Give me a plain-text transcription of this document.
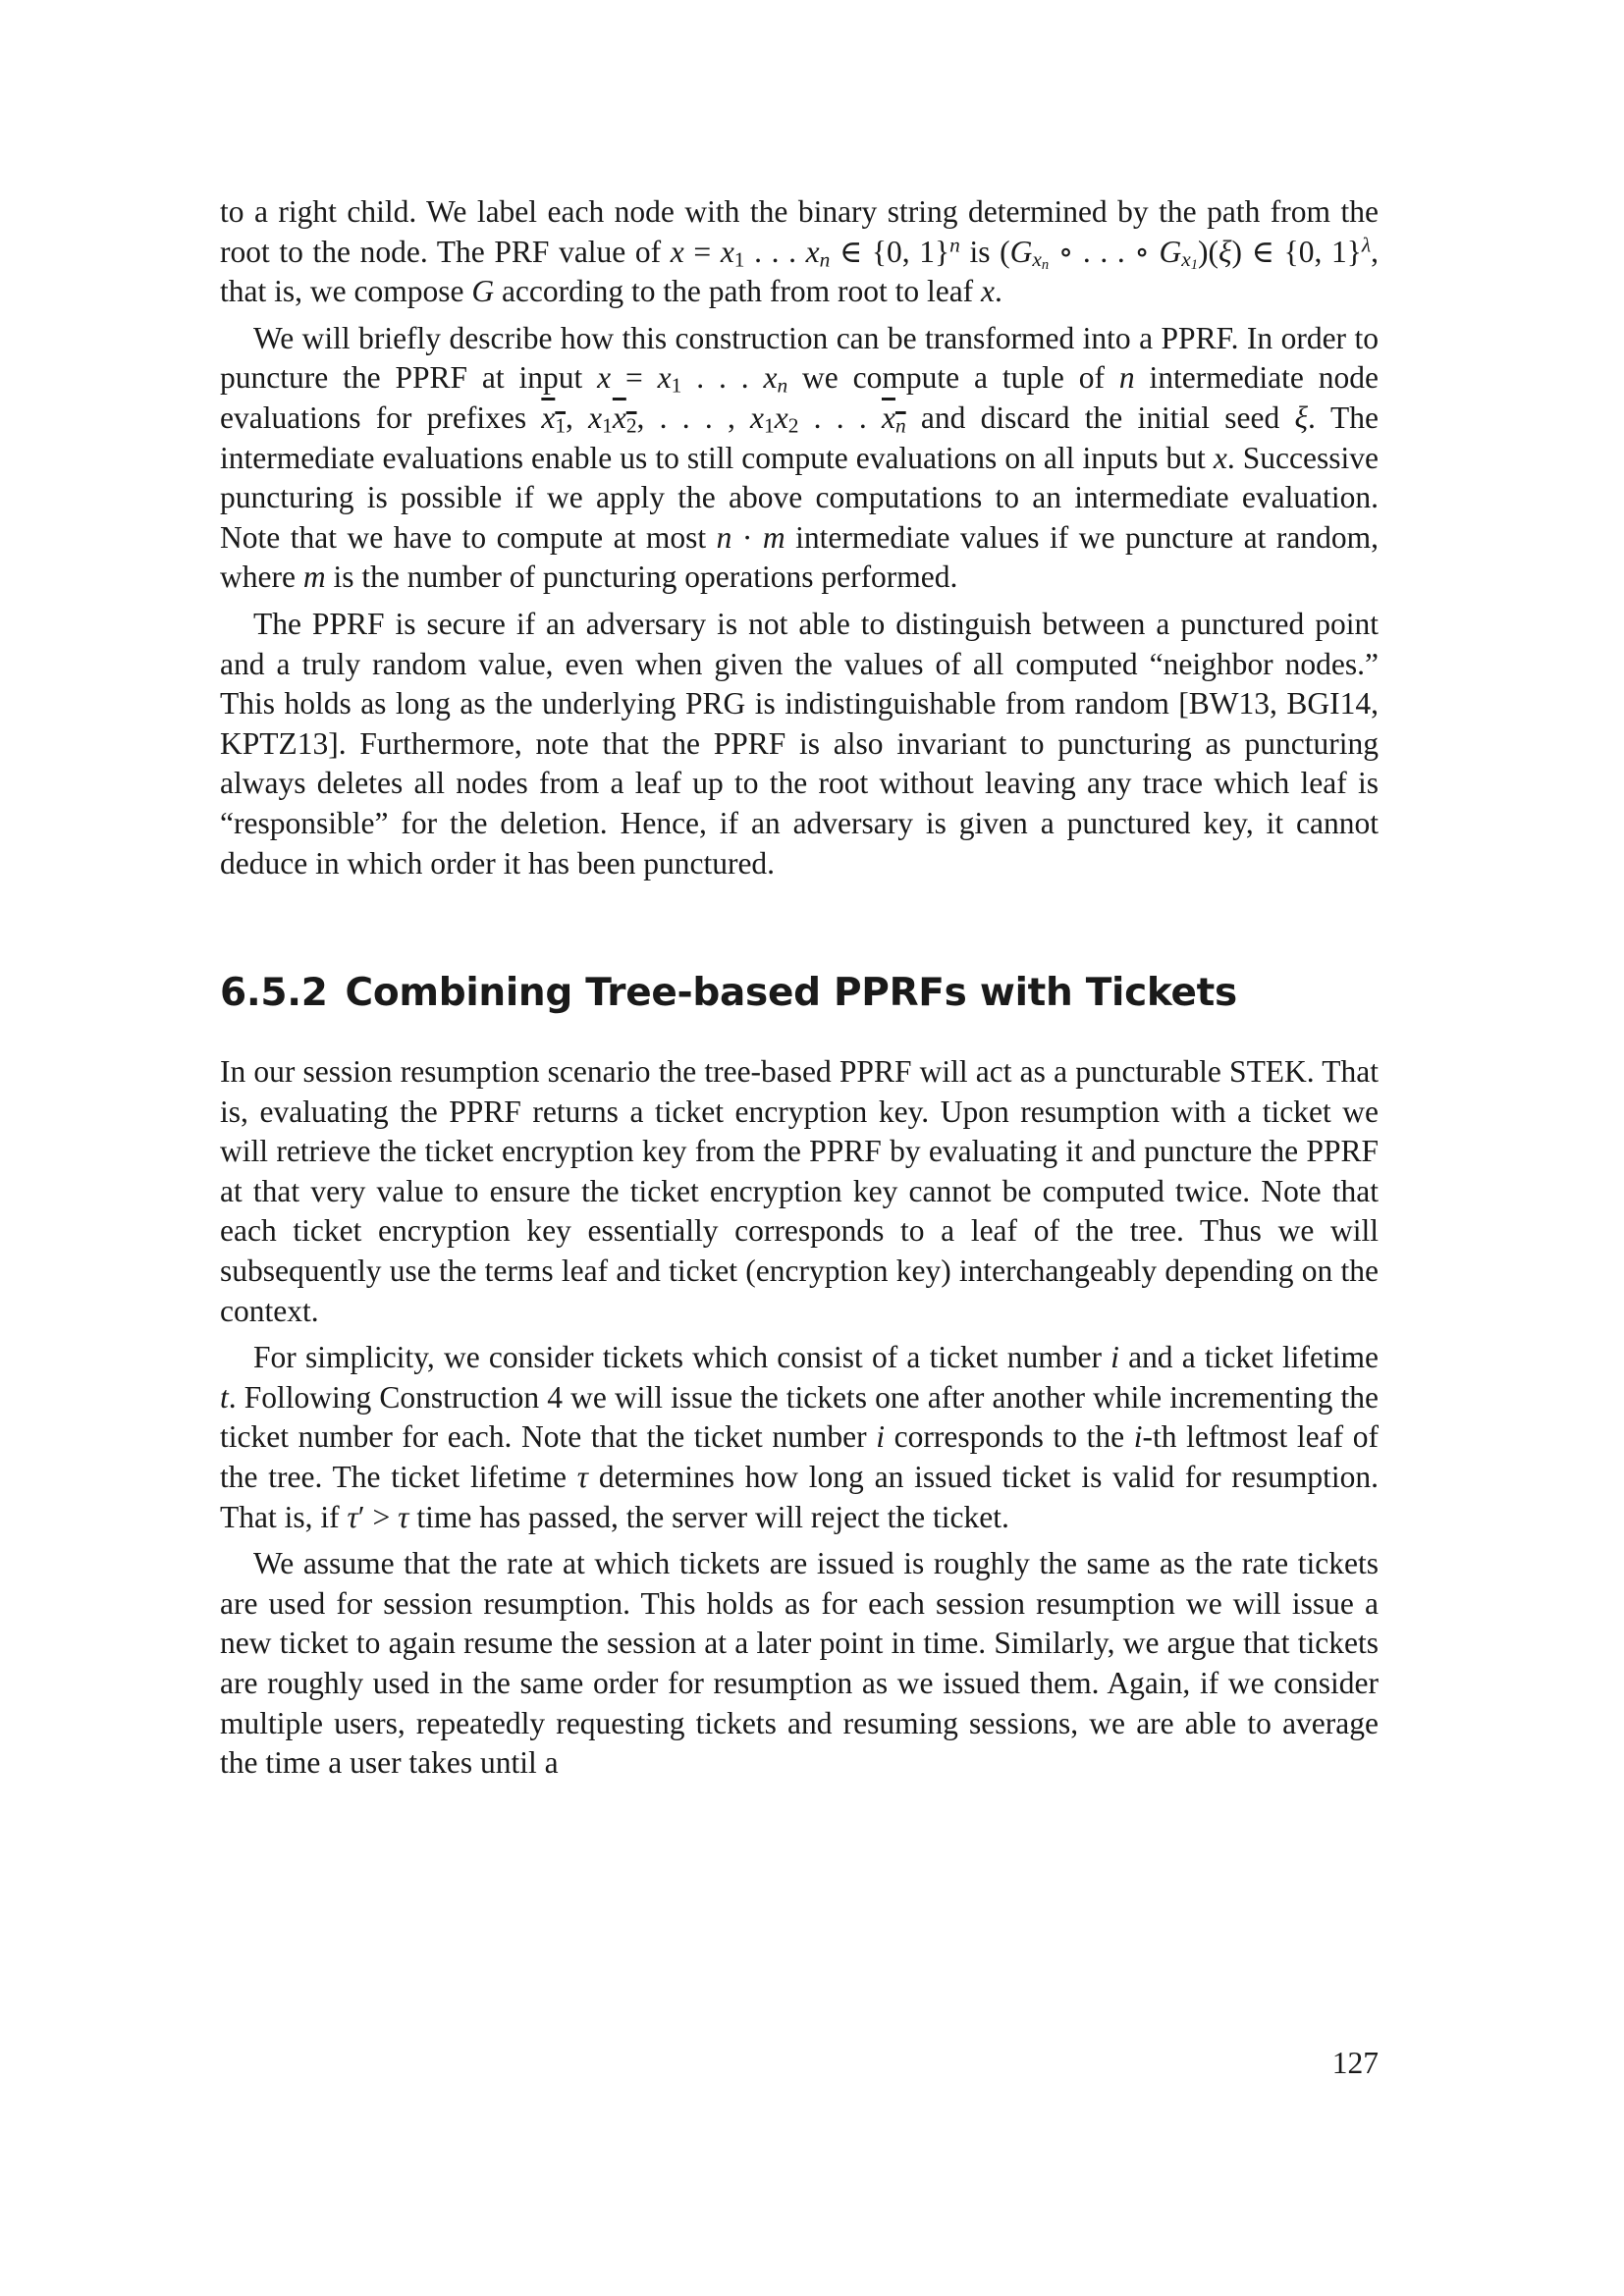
to a right child. We label each node with the binary string determined by the path from the root to the node. The PRF value of $x = x_1$ . . . $x_n$ ∈ {0, 1}$^n$ is ($G_{x_n}$ ∘ . . . ∘ $G_{x_1})(\xi)$ ∈ {0, 1}$^\lambda$, that is, we compose G according to the path from root to leaf x.

We will briefly describe how this construction can be transformed into a PPRF. In order to puncture the PPRF at input $x = x_1$ . . . $x_n$ we compute a tuple of n intermediate node evaluations for prefixes $x_1$, $x_1x_2$, . . . , $x_1x_2$ . . . $x_n$ and discard the initial seed ξ. The intermediate evaluations enable us to still compute evaluations on all inputs but x. Successive puncturing is possible if we apply the above computations to an intermediate evaluation. Note that we have to compute at most n · m intermediate values if we puncture at random, where m is the number of puncturing operations performed.

The PPRF is secure if an adversary is not able to distinguish between a punctured point and a truly random value, even when given the values of all computed “neighbor nodes.” This holds as long as the underlying PRG is indistinguishable from random [BW13, BGI14, KPTZ13]. Furthermore, note that the PPRF is also invariant to puncturing as puncturing always deletes all nodes from a leaf up to the root without leaving any trace which leaf is “responsible” for the deletion. Hence, if an adversary is given a punctured key, it cannot deduce in which order it has been punctured.

6.5.2 Combining Tree-based PPRFs with Tickets

In our session resumption scenario the tree-based PPRF will act as a puncturable STEK. That is, evaluating the PPRF returns a ticket encryption key. Upon resumption with a ticket we will retrieve the ticket encryption key from the PPRF by evaluating it and puncture the PPRF at that very value to ensure the ticket encryption key cannot be computed twice. Note that each ticket encryption key essentially corresponds to a leaf of the tree. Thus we will subsequently use the terms leaf and ticket (encryption key) interchangeably depending on the context.

For simplicity, we consider tickets which consist of a ticket number i and a ticket lifetime t. Following Construction 4 we will issue the tickets one after another while incrementing the ticket number for each. Note that the ticket number i corresponds to the i-th leftmost leaf of the tree. The ticket lifetime τ determines how long an issued ticket is valid for resumption. That is, if τ′ > τ time has passed, the server will reject the ticket.

We assume that the rate at which tickets are issued is roughly the same as the rate tickets are used for session resumption. This holds as for each session resumption we will issue a new ticket to again resume the session at a later point in time. Similarly, we argue that tickets are roughly used in the same order for resumption as we issued them. Again, if we consider multiple users, repeatedly requesting tickets and resuming sessions, we are able to average the time a user takes until a

127
